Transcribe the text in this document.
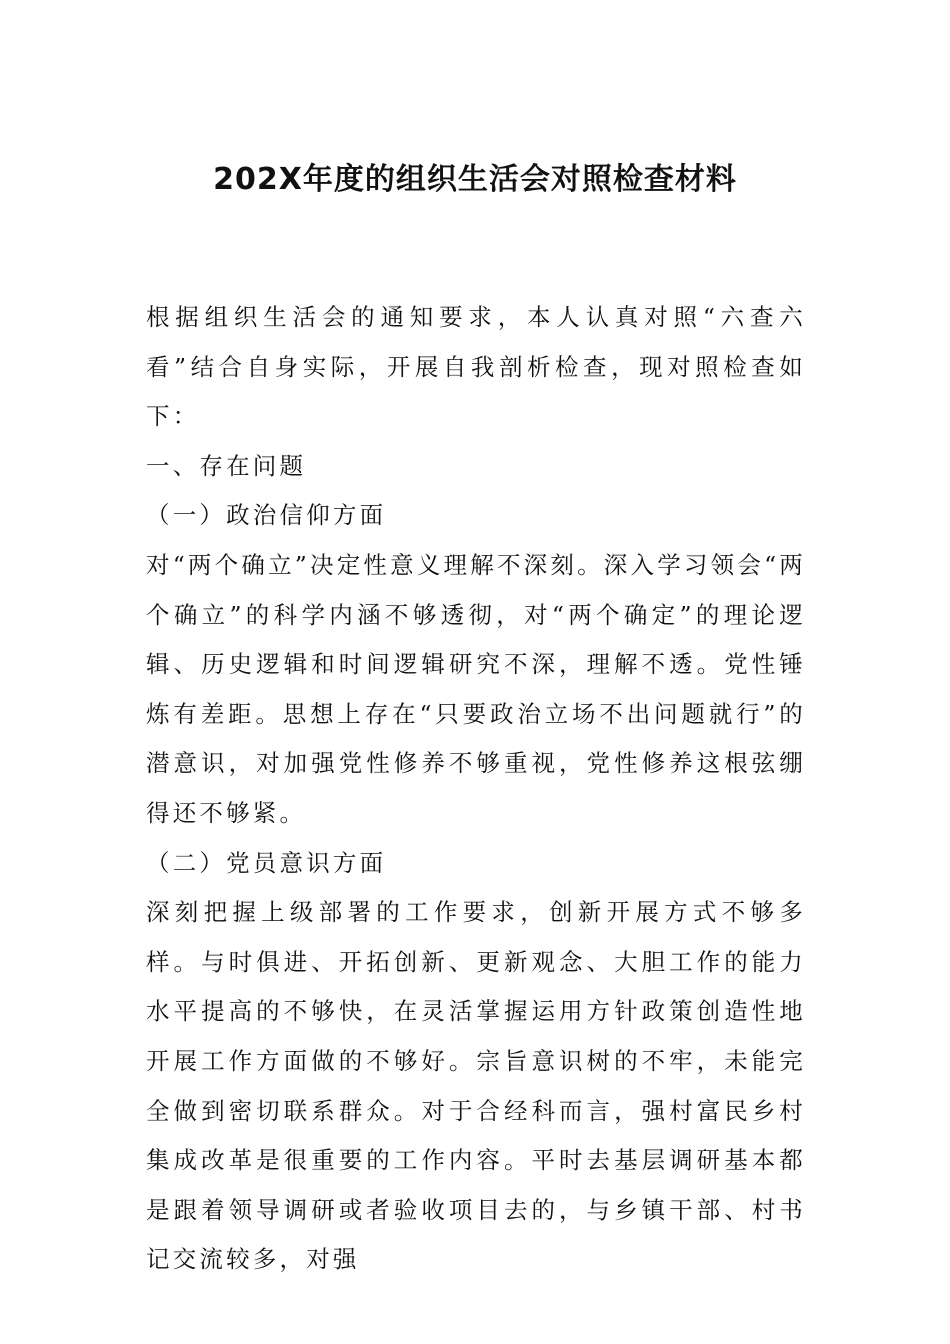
202X年度的组织生活会对照检查材料

根据组织生活会的通知要求，本人认真对照“六查六看”结合自身实际，开展自我剖析检查，现对照检查如下：

一、存在问题

（一）政治信仰方面

对“两个确立”决定性意义理解不深刻。深入学习领会“两个确立”的科学内涵不够透彻，对“两个确定”的理论逻辑、历史逻辑和时间逻辑研究不深，理解不透。党性锤炼有差距。思想上存在“只要政治立场不出问题就行”的潜意识，对加强党性修养不够重视，党性修养这根弦绷得还不够紧。

（二）党员意识方面

深刻把握上级部署的工作要求，创新开展方式不够多样。与时俱进、开拓创新、更新观念、大胆工作的能力水平提高的不够快，在灵活掌握运用方针政策创造性地开展工作方面做的不够好。宗旨意识树的不牢，未能完全做到密切联系群众。对于合经科而言，强村富民乡村集成改革是很重要的工作内容。平时去基层调研基本都是跟着领导调研或者验收项目去的，与乡镇干部、村书记交流较多，对强
